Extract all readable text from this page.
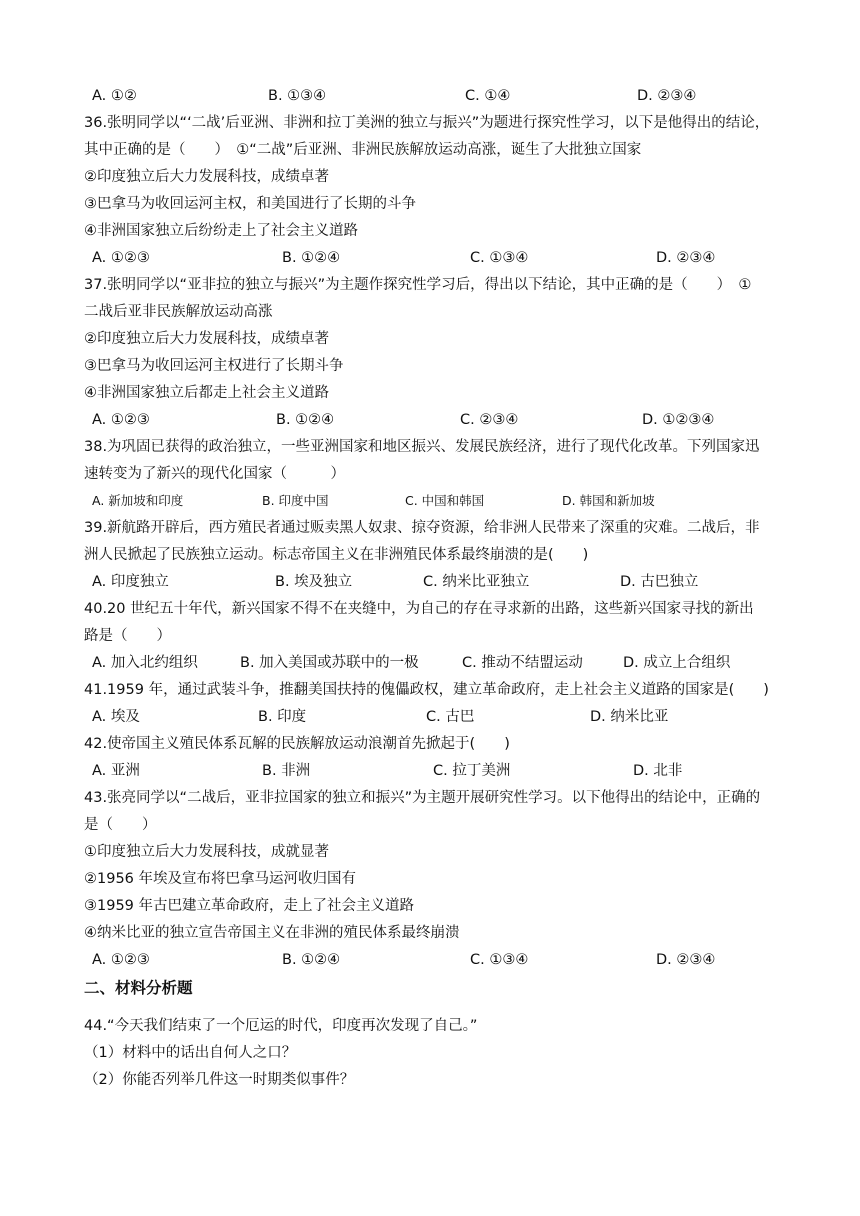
A. ①②	B. ①③④	C. ①④	D. ②③④
36.张明同学以“‘二战’后亚洲、非洲和拉丁美洲的独立与振兴”为题进行探究性学习，以下是他得出的结论，
其中正确的是（　　）　①“二战”后亚洲、非洲民族解放运动高涨，诞生了大批独立国家
②印度独立后大力发展科技，成绩卓著
③巴拿马为收回运河主权，和美国进行了长期的斗争
④非洲国家独立后纷纷走上了社会主义道路
A. ①②③	B. ①②④	C. ①③④	D. ②③④
37.张明同学以“亚非拉的独立与振兴”为主题作探究性学习后，得出以下结论，其中正确的是（　　）　①
二战后亚非民族解放运动高涨
②印度独立后大力发展科技，成绩卓著
③巴拿马为收回运河主权进行了长期斗争
④非洲国家独立后都走上社会主义道路
A. ①②③	B. ①②④	C. ②③④	D. ①②③④
38.为巩固已获得的政治独立，一些亚洲国家和地区振兴、发展民族经济，进行了现代化改革。下列国家迅
速转变为了新兴的现代化国家（　　　）
A. 新加坡和印度	B. 印度中国	C. 中国和韩国	D. 韩国和新加坡
39.新航路开辟后，西方殖民者通过贩卖黑人奴隶、掠夺资源，给非洲人民带来了深重的灾难。二战后，非
洲人民掀起了民族独立运动。标志帝国主义在非洲殖民体系最终崩溃的是(　　)
A. 印度独立	B. 埃及独立	C. 纳米比亚独立	D. 古巴独立
40.20 世纪五十年代，新兴国家不得不在夹缝中，为自己的存在寻求新的出路，这些新兴国家寻找的新出
路是（　　）
A. 加入北约组织	B. 加入美国或苏联中的一极	C. 推动不结盟运动	D. 成立上合组织
41.1959 年，通过武装斗争，推翻美国扶持的傀儡政权，建立革命政府，走上社会主义道路的国家是(　　)
A. 埃及	B. 印度	C. 古巴	D. 纳米比亚
42.使帝国主义殖民体系瓦解的民族解放运动浪潮首先掀起于(　　)
A. 亚洲	B. 非洲	C. 拉丁美洲	D. 北非
43.张亮同学以“二战后，亚非拉国家的独立和振兴”为主题开展研究性学习。以下他得出的结论中，正确的
是（　　）
①印度独立后大力发展科技，成就显著
②1956 年埃及宣布将巴拿马运河收归国有
③1959 年古巴建立革命政府，走上了社会主义道路
④纳米比亚的独立宣告帝国主义在非洲的殖民体系最终崩溃
A. ①②③	B. ①②④	C. ①③④	D. ②③④
二、材料分析题
44.“今天我们结束了一个厄运的时代，印度再次发现了自己。”
（1）材料中的话出自何人之口？
（2）你能否列举几件这一时期类似事件？
